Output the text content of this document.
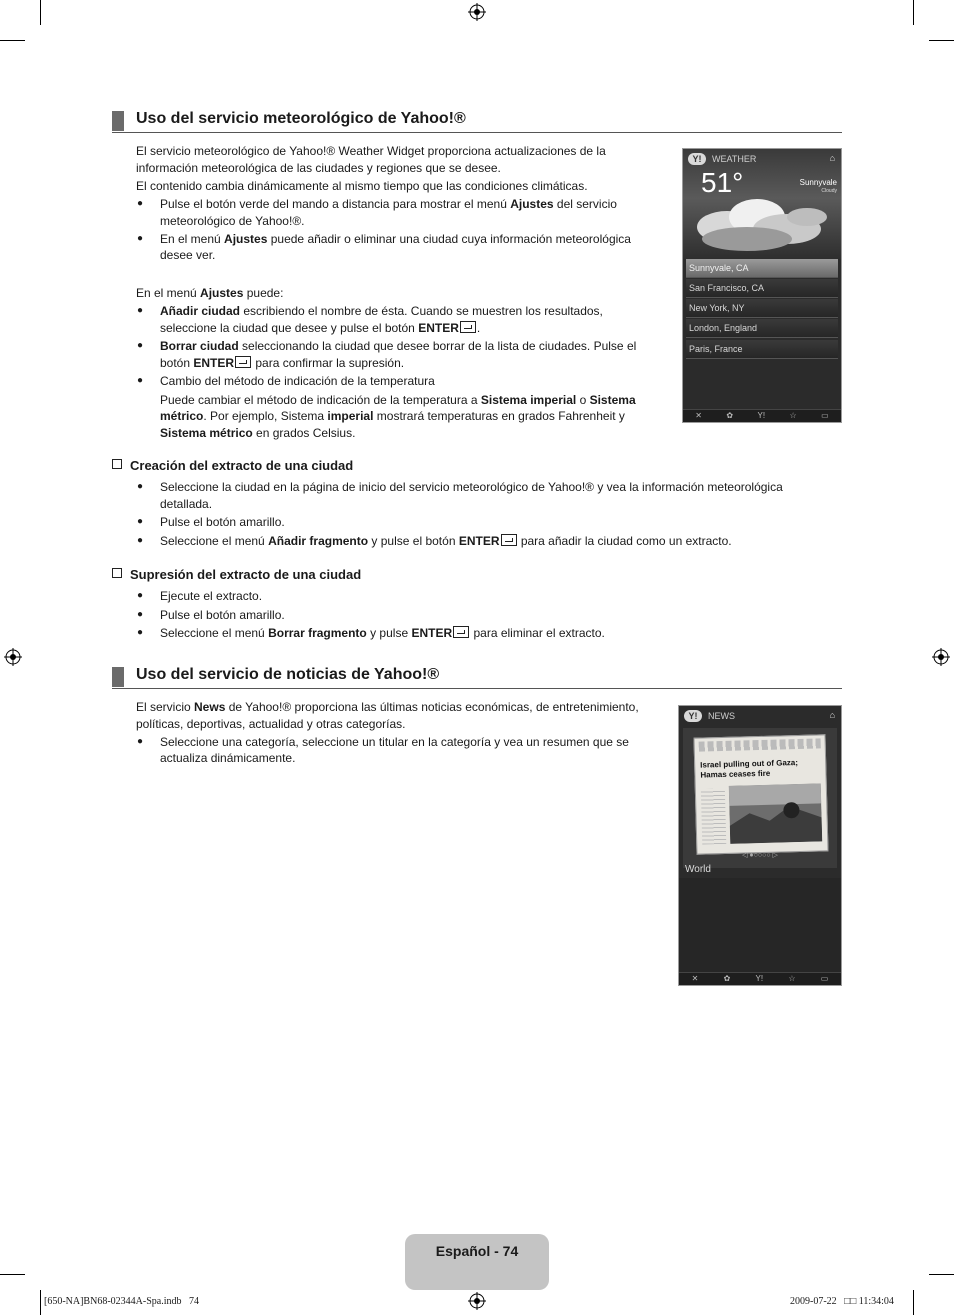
Uso del servicio meteorológico de Yahoo!®
El servicio meteorológico de Yahoo!® Weather Widget proporciona actualizaciones de la
información meteorológica de las ciudades y regiones que se desee.
El contenido cambia dinámicamente al mismo tiempo que las condiciones climáticas.
● Pulse el botón verde del mando a distancia para mostrar el menú Ajustes del servicio
meteorológico de Yahoo!®.
● En el menú Ajustes puede añadir o eliminar una ciudad cuya información meteorológica
desee ver.
En el menú Ajustes puede:
● Añadir ciudad escribiendo el nombre de ésta. Cuando se muestren los resultados,
seleccione la ciudad que desee y pulse el botón ENTER .
● Borrar ciudad seleccionando la ciudad que desee borrar de la lista de ciudades. Pulse el
botón ENTER para confirmar la supresión.
● Cambio del método de indicación de la temperatura
Puede cambiar el método de indicación de la temperatura a Sistema imperial o Sistema
métrico. Por ejemplo, Sistema imperial mostrará temperaturas en grados Fahrenheit y
Sistema métrico en grados Celsius.
Y!	WEATHER	⌂
51°	Sunnyvale
Cloudy
Sunnyvale, CA
San Francisco, CA
New York, NY
London, England
Paris, France
✕	✿	Y!	☆	▭
Creación del extracto de una ciudad
● Seleccione la ciudad en la página de inicio del servicio meteorológico de Yahoo!® y vea la información meteorológica
detallada.
● Pulse el botón amarillo.
● Seleccione el menú Añadir fragmento y pulse el botón ENTER para añadir la ciudad como un extracto.
Supresión del extracto de una ciudad
● Ejecute el extracto.
● Pulse el botón amarillo.
● Seleccione el menú Borrar fragmento y pulse ENTER para eliminar el extracto.
Uso del servicio de noticias de Yahoo!®
El servicio News de Yahoo!® proporciona las últimas noticias económicas, de entretenimiento,
políticas, deportivas, actualidad y otras categorías.
● Seleccione una categoría, seleccione un titular en la categoría y vea un resumen que se
actualiza dinámicamente.
Y!	NEWS	⌂
Israel pulling out of Gaza; Hamas ceases fire
◁ ●○○○○ ▷
World
✕	✿	Y!	☆	▭
Español - 74
[650-NA]BN68-02344A-Spa.indb   74	2009-07-22   □□ 11:34:04
